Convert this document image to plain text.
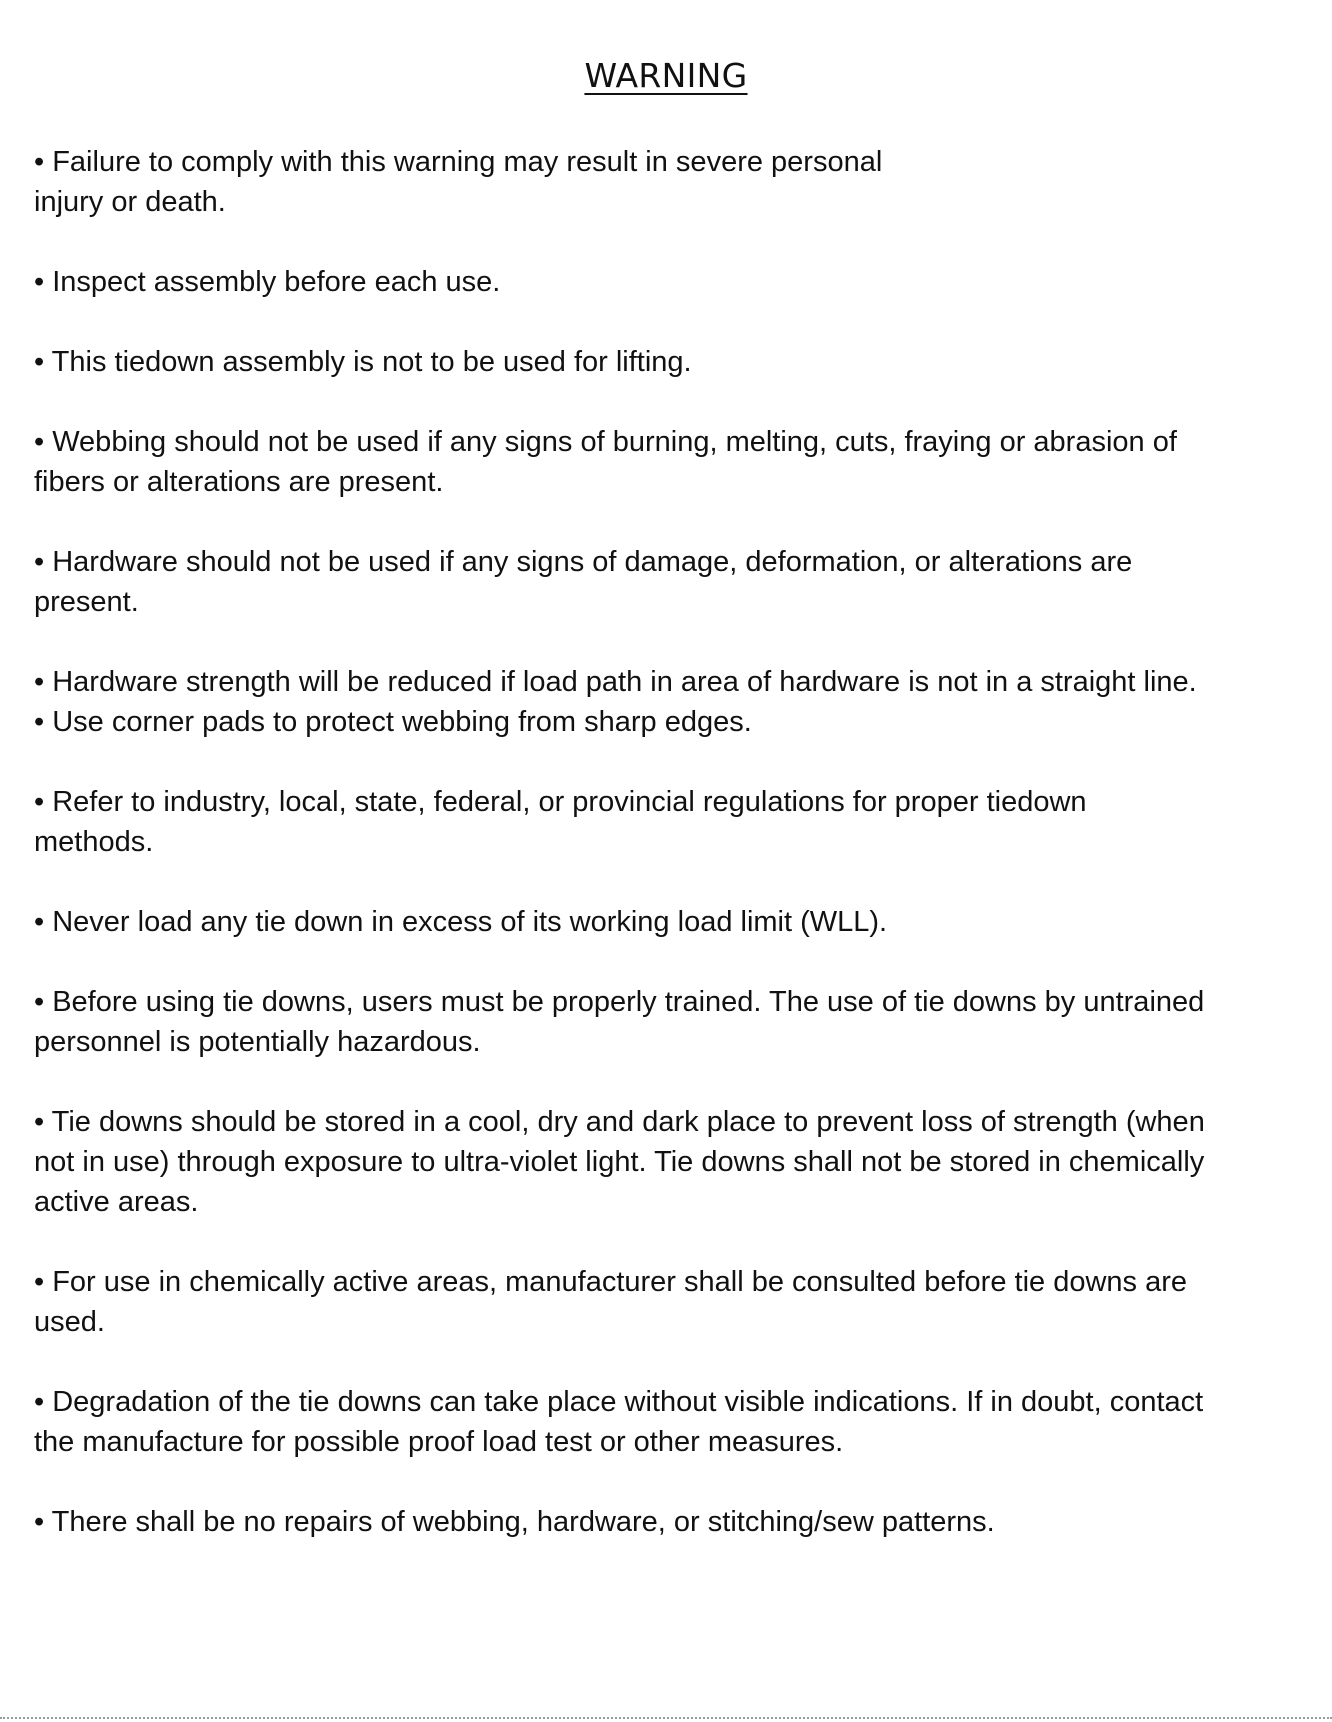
WARNING
• Failure to comply with this warning may result in severe personal
injury or death.
• Inspect assembly before each use.
• This tiedown assembly is not to be used for lifting.
• Webbing should not be used if any signs of burning, melting, cuts, fraying or abrasion of
fibers or alterations are present.
• Hardware should not be used if any signs of damage, deformation, or alterations are
present.
• Hardware strength will be reduced if load path in area of hardware is not in a straight line.
• Use corner pads to protect webbing from sharp edges.
• Refer to industry, local, state, federal, or provincial regulations for proper tiedown
methods.
• Never load any tie down in excess of its working load limit (WLL).
• Before using tie downs, users must be properly trained. The use of tie downs by untrained
personnel is potentially hazardous.
• Tie downs should be stored in a cool, dry and dark place to prevent loss of strength (when
not in use) through exposure to ultra-violet light. Tie downs shall not be stored in chemically
active areas.
• For use in chemically active areas, manufacturer shall be consulted before tie downs are
used.
• Degradation of the tie downs can take place without visible indications. If in doubt, contact
the manufacture for possible proof load test or other measures.
• There shall be no repairs of webbing, hardware, or stitching/sew patterns.
